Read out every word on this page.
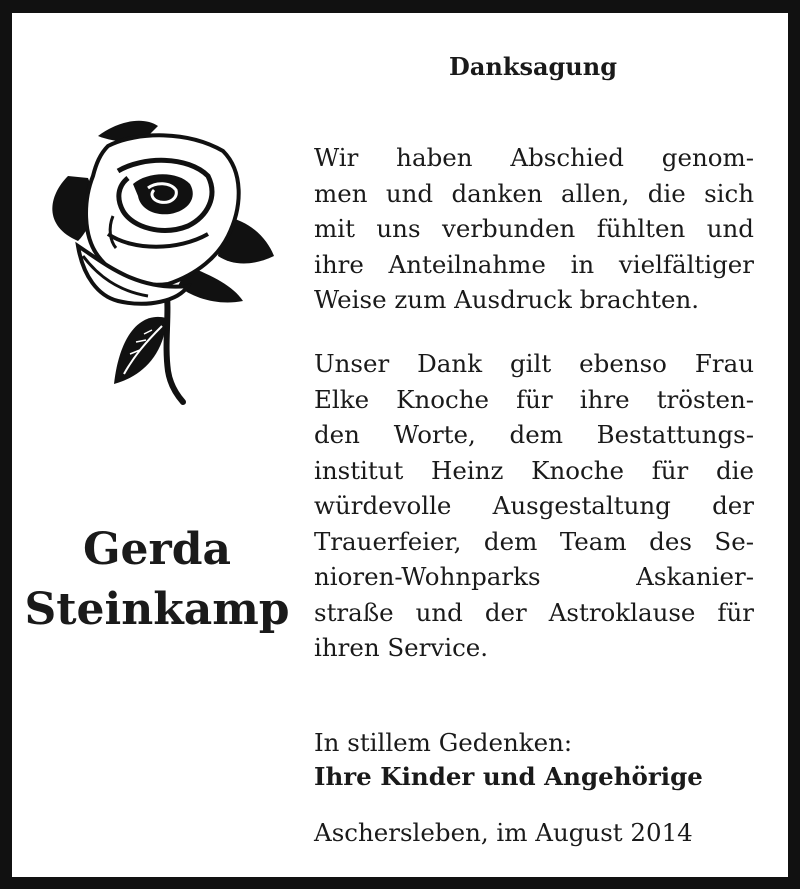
Danksagung
Gerda
Steinkamp
Wir haben Abschied genom-
men und danken allen, die sich
mit uns verbunden fühlten und
ihre Anteilnahme in vielfältiger
Weise zum Ausdruck brachten.
Unser Dank gilt ebenso Frau
Elke Knoche für ihre trösten-
den Worte, dem Bestattungs-
institut Heinz Knoche für die
würdevolle Ausgestaltung der
Trauerfeier, dem Team des Se-
nioren-Wohnparks Askanier-
straße und der Astroklause für
ihren Service.
In stillem Gedenken:
Ihre Kinder und Angehörige
Aschersleben, im August 2014
